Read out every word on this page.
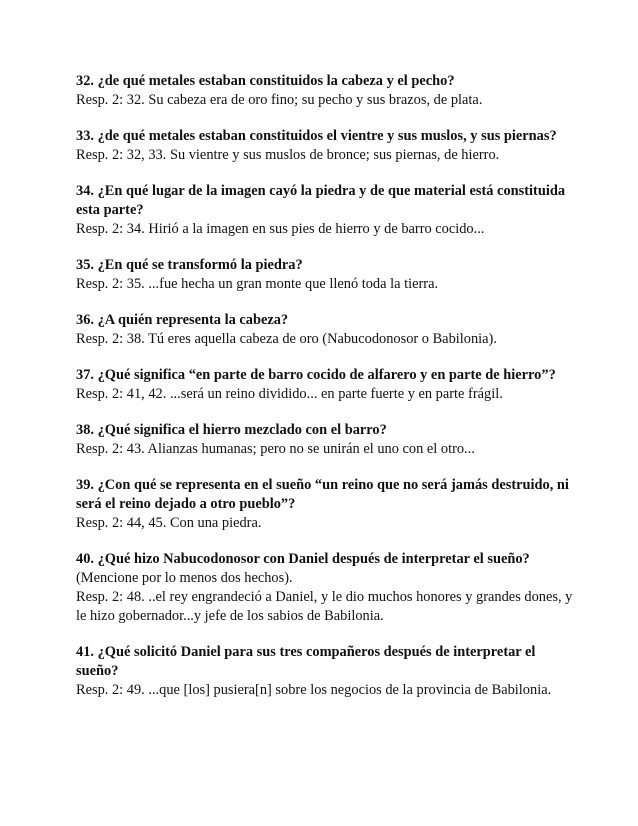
32. ¿de qué metales estaban constituidos la cabeza y el pecho?

Resp. 2: 32. Su cabeza era de oro fino; su pecho y sus brazos, de plata.

33. ¿de qué metales estaban constituidos el vientre y sus muslos, y sus piernas?

Resp. 2: 32, 33. Su vientre y sus muslos de bronce; sus piernas, de hierro.

34. ¿En qué lugar de la imagen cayó la piedra y de que material está constituida esta parte?

Resp. 2: 34. Hirió a la imagen en sus pies de hierro y de barro cocido...

35. ¿En qué se transformó la piedra?

Resp. 2: 35. ...fue hecha un gran monte que llenó toda la tierra.

36. ¿A quién representa la cabeza?

Resp. 2: 38. Tú eres aquella cabeza de oro (Nabucodonosor o Babilonia).

37. ¿Qué significa “en parte de barro cocido de alfarero y en parte de hierro”?

Resp. 2: 41, 42. ...será un reino dividido... en parte fuerte y en parte frágil.

38. ¿Qué significa el hierro mezclado con el barro?

Resp. 2: 43. Alianzas humanas; pero no se unirán el uno con el otro...

39. ¿Con qué se representa en el sueño “un reino que no será jamás destruido, ni será el reino dejado a otro pueblo”?

Resp. 2: 44, 45. Con una piedra.

40. ¿Qué hizo Nabucodonosor con Daniel después de interpretar el sueño?

(Mencione por lo menos dos hechos).

Resp. 2: 48. ..el rey engrandeció a Daniel, y le dio muchos honores y grandes dones, y le hizo gobernador...y jefe de los sabios de Babilonia.

41. ¿Qué solicitó Daniel para sus tres compañeros después de interpretar el sueño?

Resp. 2: 49. ...que [los] pusiera[n] sobre los negocios de la provincia de Babilonia.
